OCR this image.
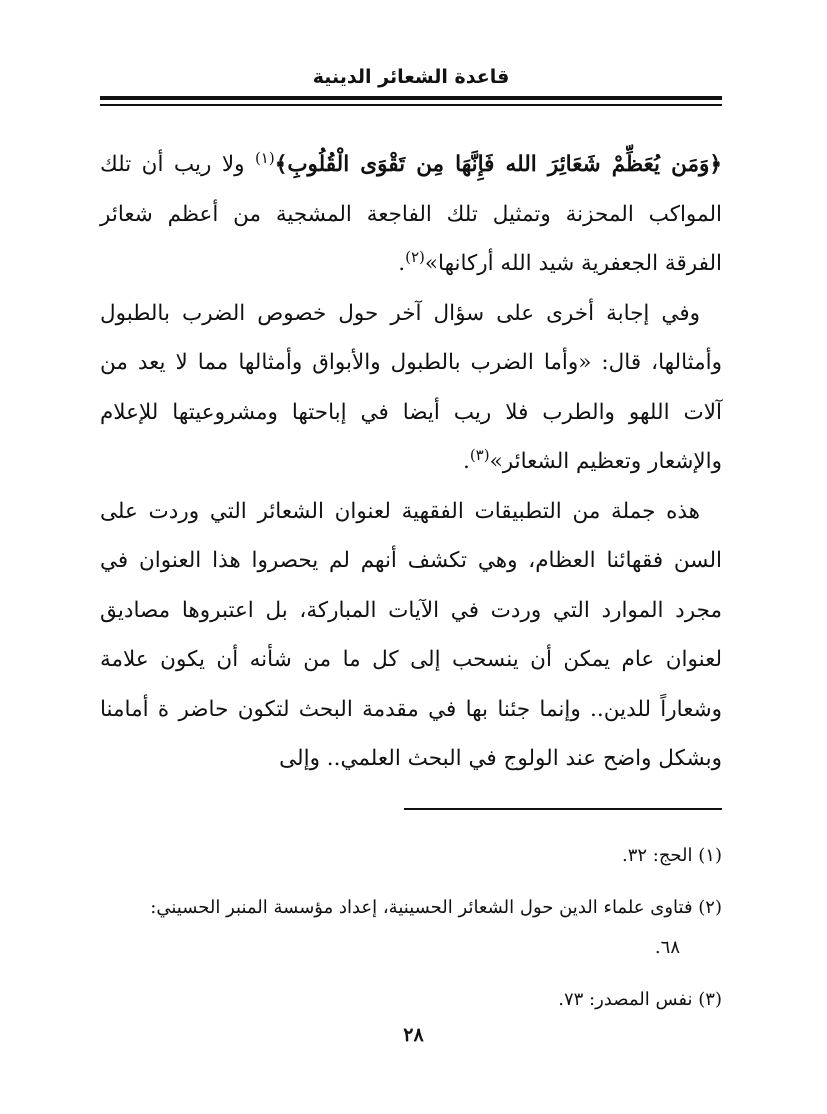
قاعدة الشعائر الدينية

﴿وَمَن يُعَظِّمْ شَعَائِرَ الله فَإِنَّهَا مِن تَقْوَى الْقُلُوبِ﴾$^{(١)}$ ولا ريب أن تلك المواكب المحزنة وتمثيل تلك الفاجعة المشجية من أعظم شعائر الفرقة الجعفرية شيد الله أركانها»$^{(٢)}$.

وفي إجابة أخرى على سؤال آخر حول خصوص الضرب بالطبول وأمثالها، قال: «وأما الضرب بالطبول والأبواق وأمثالها مما لا يعد من آلات اللهو والطرب فلا ريب أيضا في إباحتها ومشروعيتها للإعلام والإشعار وتعظيم الشعائر»$^{(٣)}$.

هذه جملة من التطبيقات الفقهية لعنوان الشعائر التي وردت على السن فقهائنا العظام، وهي تكشف أنهم لم يحصروا هذا العنوان في مجرد الموارد التي وردت في الآيات المباركة، بل اعتبروها مصاديق لعنوان عام يمكن أن ينسحب إلى كل ما من شأنه أن يكون علامة وشعاراً للدين.. وإنما جئنا بها في مقدمة البحث لتكون حاضر ة أمامنا وبشكل واضح عند الولوج في البحث العلمي.. وإلى

(١) الحج: ٣٢.

(٢) فتاوى علماء الدين حول الشعائر الحسينية، إعداد مؤسسة المنبر الحسيني:
٦٨.

(٣) نفس المصدر: ٧٣.

٢٨
